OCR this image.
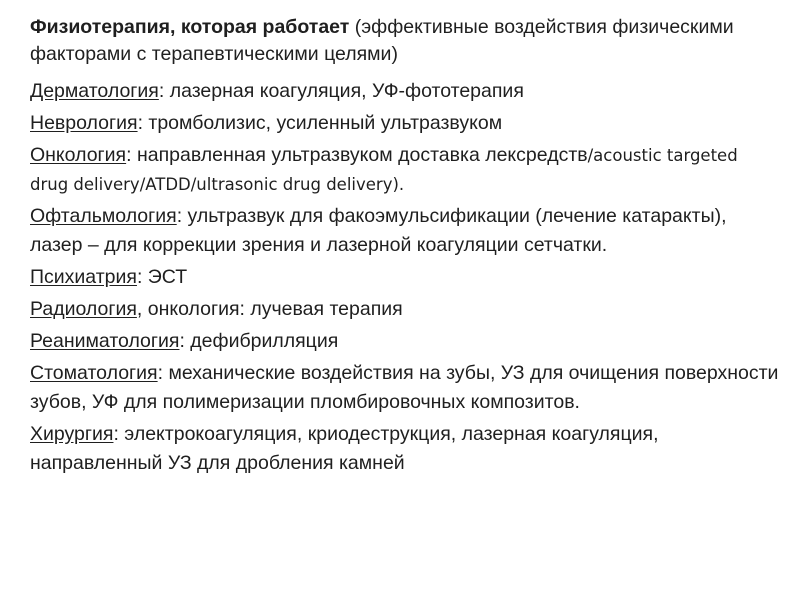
Физиотерапия, которая работает (эффективные воздействия физическими факторами с терапевтическими целями)

Дерматология: лазерная коагуляция, УФ-фототерапия

Неврология: тромболизис, усиленный ультразвуком

Онкология: направленная ультразвуком доставка лексредств/acoustic targeted drug delivery/ATDD/ultrasonic drug delivery).

Офтальмология: ультразвук для факоэмульсификации (лечение катаракты), лазер – для коррекции зрения и лазерной коагуляции сетчатки.

Психиатрия: ЭСТ

Радиология, онкология: лучевая терапия

Реаниматология: дефибрилляция

Стоматология: механические воздействия на зубы, УЗ для очищения поверхности зубов, УФ для полимеризации пломбировочных композитов.

Хирургия: электрокоагуляция, криодеструкция, лазерная коагуляция, направленный УЗ для дробления камней
